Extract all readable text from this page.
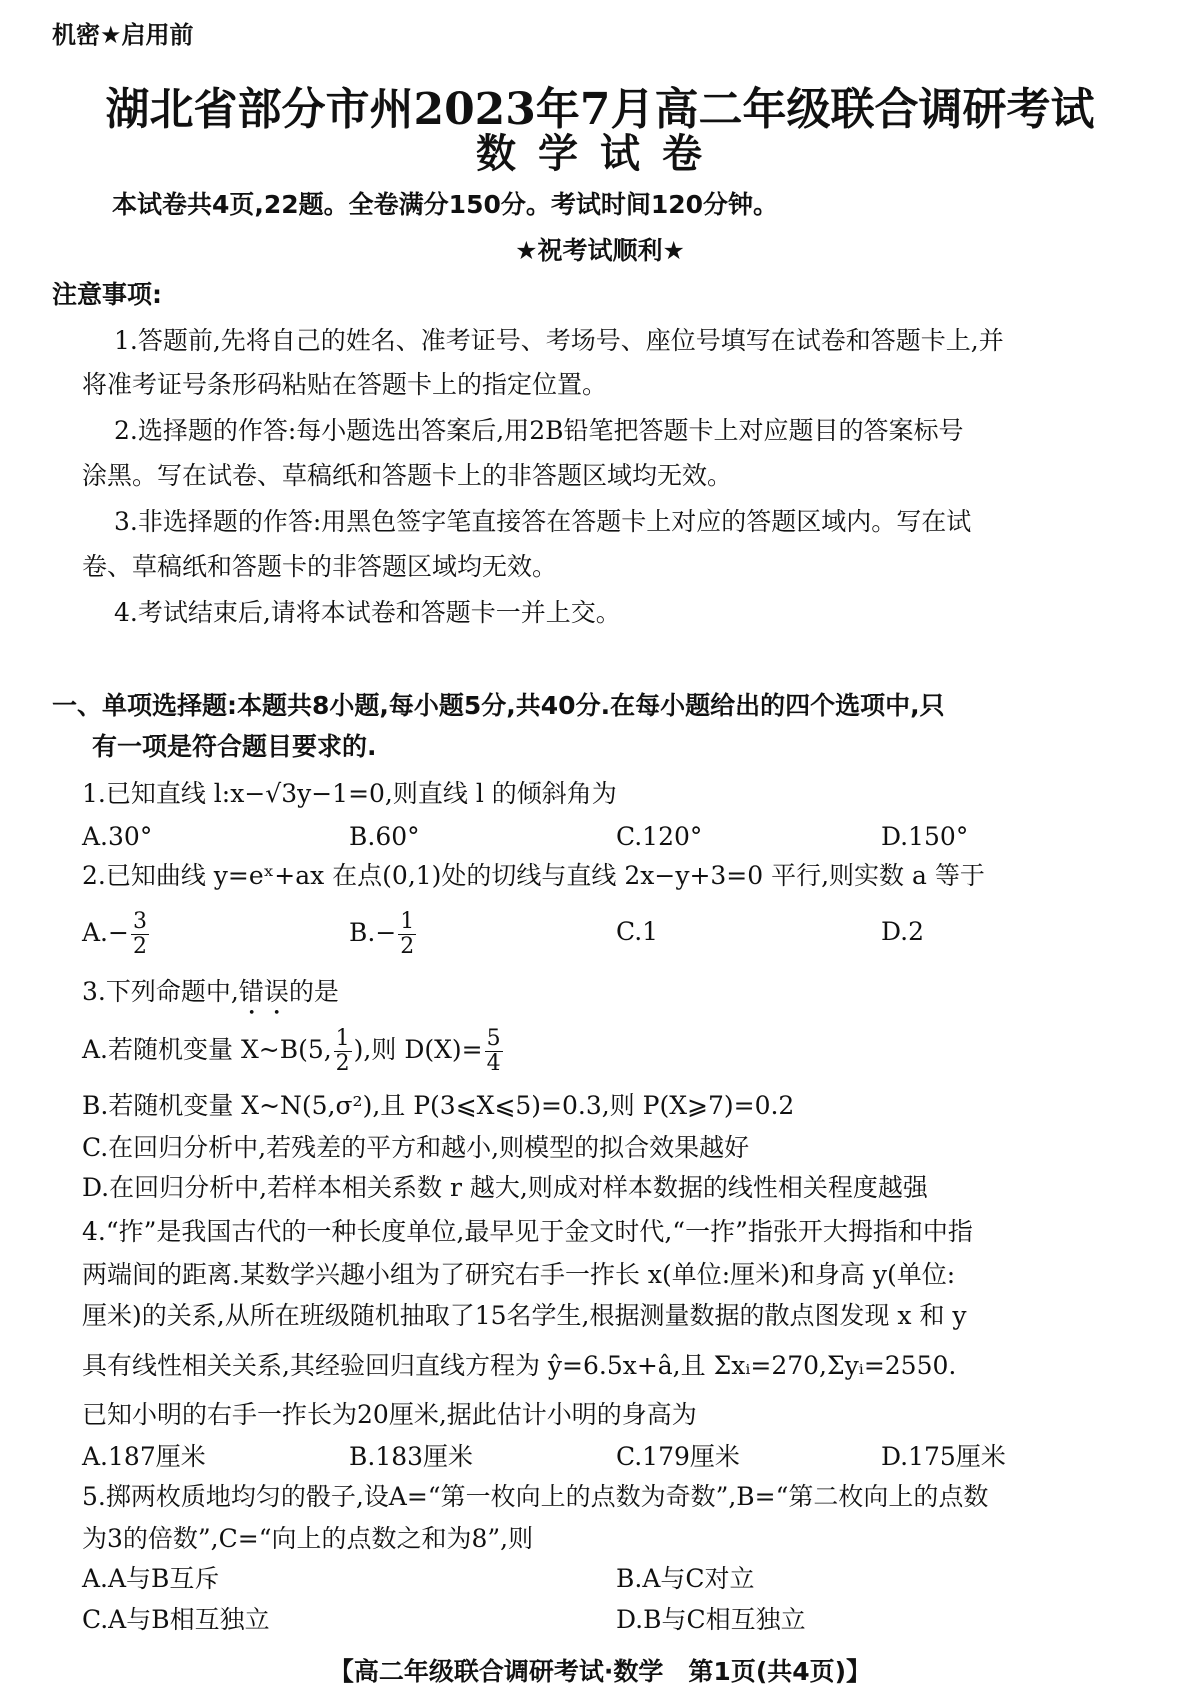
机密★启用前
湖北省部分市州2023年7月高二年级联合调研考试
数学试卷
本试卷共4页,22题。全卷满分150分。考试时间120分钟。
★祝考试顺利★
注意事项:
1.答题前,先将自己的姓名、准考证号、考场号、座位号填写在试卷和答题卡上,并
将准考证号条形码粘贴在答题卡上的指定位置。
2.选择题的作答:每小题选出答案后,用2B铅笔把答题卡上对应题目的答案标号
涂黑。写在试卷、草稿纸和答题卡上的非答题区域均无效。
3.非选择题的作答:用黑色签字笔直接答在答题卡上对应的答题区域内。写在试
卷、草稿纸和答题卡的非答题区域均无效。
4.考试结束后,请将本试卷和答题卡一并上交。
一、单项选择题:本题共8小题,每小题5分,共40分.在每小题给出的四个选项中,只
有一项是符合题目要求的.
1.已知直线 l:x−√3y−1=0,则直线 l 的倾斜角为
A.30°	B.60°	C.120°	D.150°
2.已知曲线 y=eˣ+ax 在点(0,1)处的切线与直线 2x−y+3=0 平行,则实数 a 等于
$A.- \frac{3}{2}$	$B.- \frac{1}{2}$	C.1	D.2
3.下列命题中,错误的是
A.若随机变量 X~B(5, $\frac{1}{2}$ ),则 $D(X)= \frac{5}{4}$
B.若随机变量 X~N(5,σ²),且 P(3⩽X⩽5)=0.3,则 P(X⩾7)=0.2
C.在回归分析中,若残差的平方和越小,则模型的拟合效果越好
D.在回归分析中,若样本相关系数 r 越大,则成对样本数据的线性相关程度越强
4.“拃”是我国古代的一种长度单位,最早见于金文时代,“一拃”指张开大拇指和中指
两端间的距离.某数学兴趣小组为了研究右手一拃长 x(单位:厘米)和身高 y(单位:
厘米)的关系,从所在班级随机抽取了15名学生,根据测量数据的散点图发现 x 和 y
具有线性相关关系,其经验回归直线方程为 ŷ=6.5x+â,且 Σxᵢ=270,Σyᵢ=2550.
已知小明的右手一拃长为20厘米,据此估计小明的身高为
A.187厘米	B.183厘米	C.179厘米	D.175厘米
5.掷两枚质地均匀的骰子,设A=“第一枚向上的点数为奇数”,B=“第二枚向上的点数
为3的倍数”,C=“向上的点数之和为8”,则
A.A与B互斥	B.A与C对立
C.A与B相互独立	D.B与C相互独立
【高二年级联合调研考试·数学　第1页(共4页)】
